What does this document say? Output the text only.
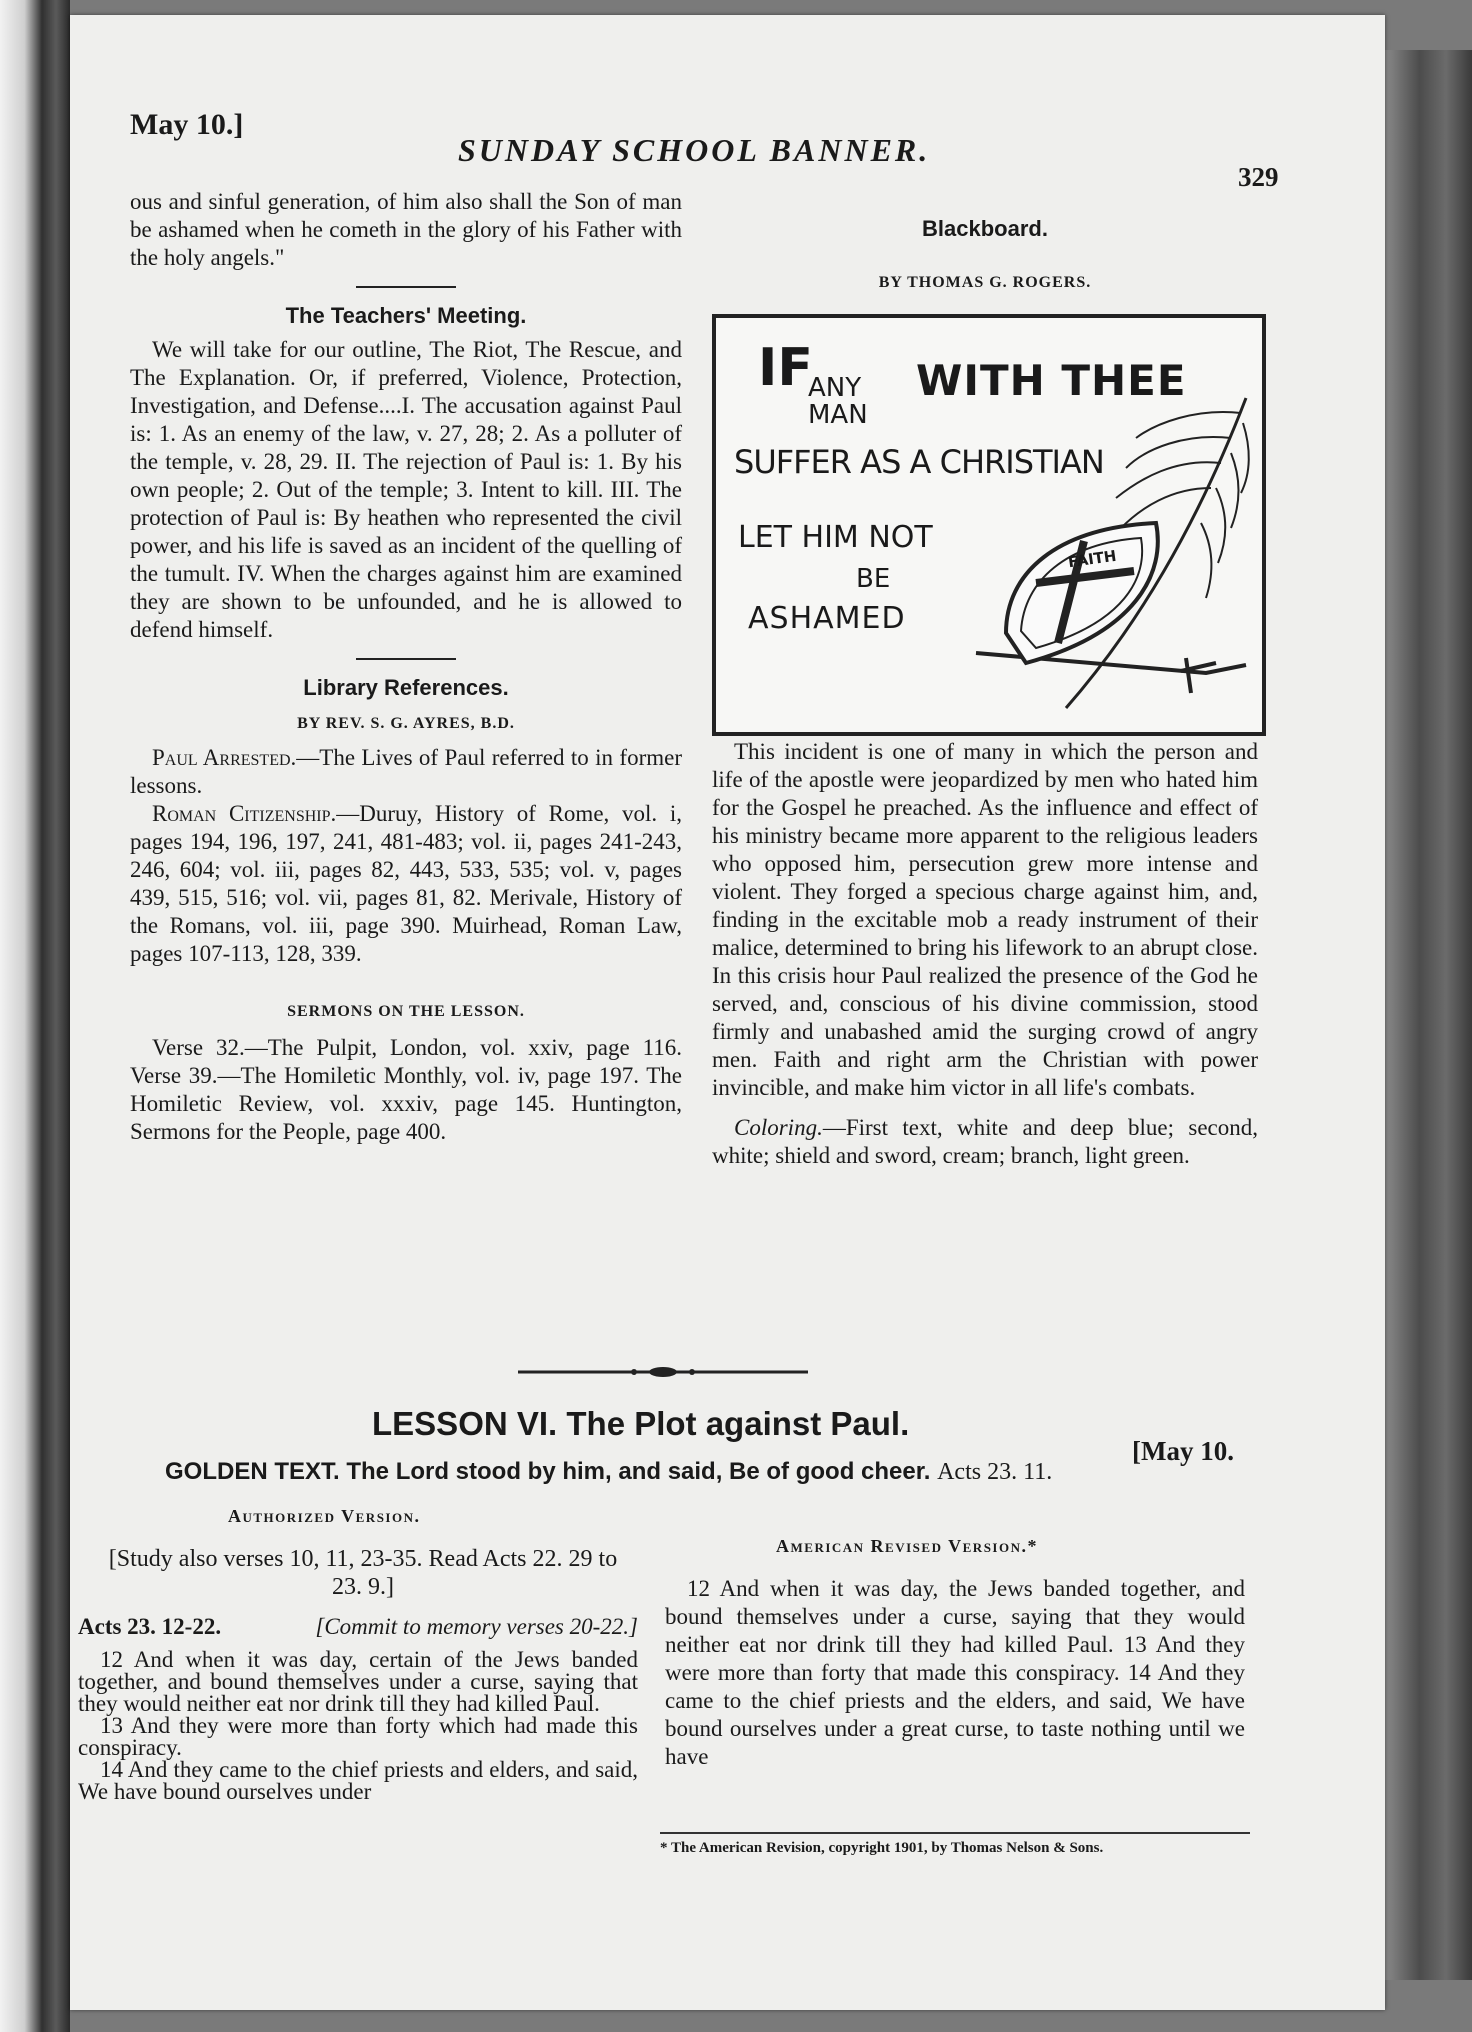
May 10.]
SUNDAY SCHOOL BANNER.
329

ous and sinful generation, of him also shall the Son of man be ashamed when he cometh in the glory of his Father with the holy angels."

The Teachers' Meeting.

We will take for our outline, The Riot, The Rescue, and The Explanation. Or, if preferred, Violence, Protection, Investigation, and Defense....I. The accusation against Paul is: 1. As an enemy of the law, v. 27, 28; 2. As a polluter of the temple, v. 28, 29. II. The rejection of Paul is: 1. By his own people; 2. Out of the temple; 3. Intent to kill. III. The protection of Paul is: By heathen who represented the civil power, and his life is saved as an incident of the quelling of the tumult. IV. When the charges against him are examined they are shown to be unfounded, and he is allowed to defend himself.

Library References.

BY REV. S. G. AYRES, B.D.

Paul Arrested.—The Lives of Paul referred to in former lessons.

Roman Citizenship.—Duruy, History of Rome, vol. i, pages 194, 196, 197, 241, 481-483; vol. ii, pages 241-243, 246, 604; vol. iii, pages 82, 443, 533, 535; vol. v, pages 439, 515, 516; vol. vii, pages 81, 82. Merivale, History of the Romans, vol. iii, page 390. Muirhead, Roman Law, pages 107-113, 128, 339.

SERMONS ON THE LESSON.

Verse 32.—The Pulpit, London, vol. xxiv, page 116. Verse 39.—The Homiletic Monthly, vol. iv, page 197. The Homiletic Review, vol. xxxiv, page 145. Huntington, Sermons for the People, page 400.

Blackboard.

BY THOMAS G. ROGERS.

IF
ANY
MAN
WITH THEE
SUFFER AS A CHRISTIAN
LET HIM NOT
BE
ASHAMED
FAITH

This incident is one of many in which the person and life of the apostle were jeopardized by men who hated him for the Gospel he preached. As the influence and effect of his ministry became more apparent to the religious leaders who opposed him, persecution grew more intense and violent. They forged a specious charge against him, and, finding in the excitable mob a ready instrument of their malice, determined to bring his lifework to an abrupt close. In this crisis hour Paul realized the presence of the God he served, and, conscious of his divine commission, stood firmly and unabashed amid the surging crowd of angry men. Faith and right arm the Christian with power invincible, and make him victor in all life's combats.

Coloring.—First text, white and deep blue; second, white; shield and sword, cream; branch, light green.

LESSON VI. The Plot against Paul.
[May 10.
GOLDEN TEXT. The Lord stood by him, and said, Be of good cheer. Acts 23. 11.
Authorized Version.

[Study also verses 10, 11, 23-35. Read Acts 22. 29 to 23. 9.]

Acts 23. 12-22.	[Commit to memory verses 20-22.]

12 And when it was day, certain of the Jews banded together, and bound themselves under a curse, saying that they would neither eat nor drink till they had killed Paul.

13 And they were more than forty which had made this conspiracy.

14 And they came to the chief priests and elders, and said, We have bound ourselves under

American Revised Version.*

12 And when it was day, the Jews banded together, and bound themselves under a curse, saying that they would neither eat nor drink till they had killed Paul. 13 And they were more than forty that made this conspiracy. 14 And they came to the chief priests and the elders, and said, We have bound ourselves under a great curse, to taste nothing until we have

* The American Revision, copyright 1901, by Thomas Nelson & Sons.
